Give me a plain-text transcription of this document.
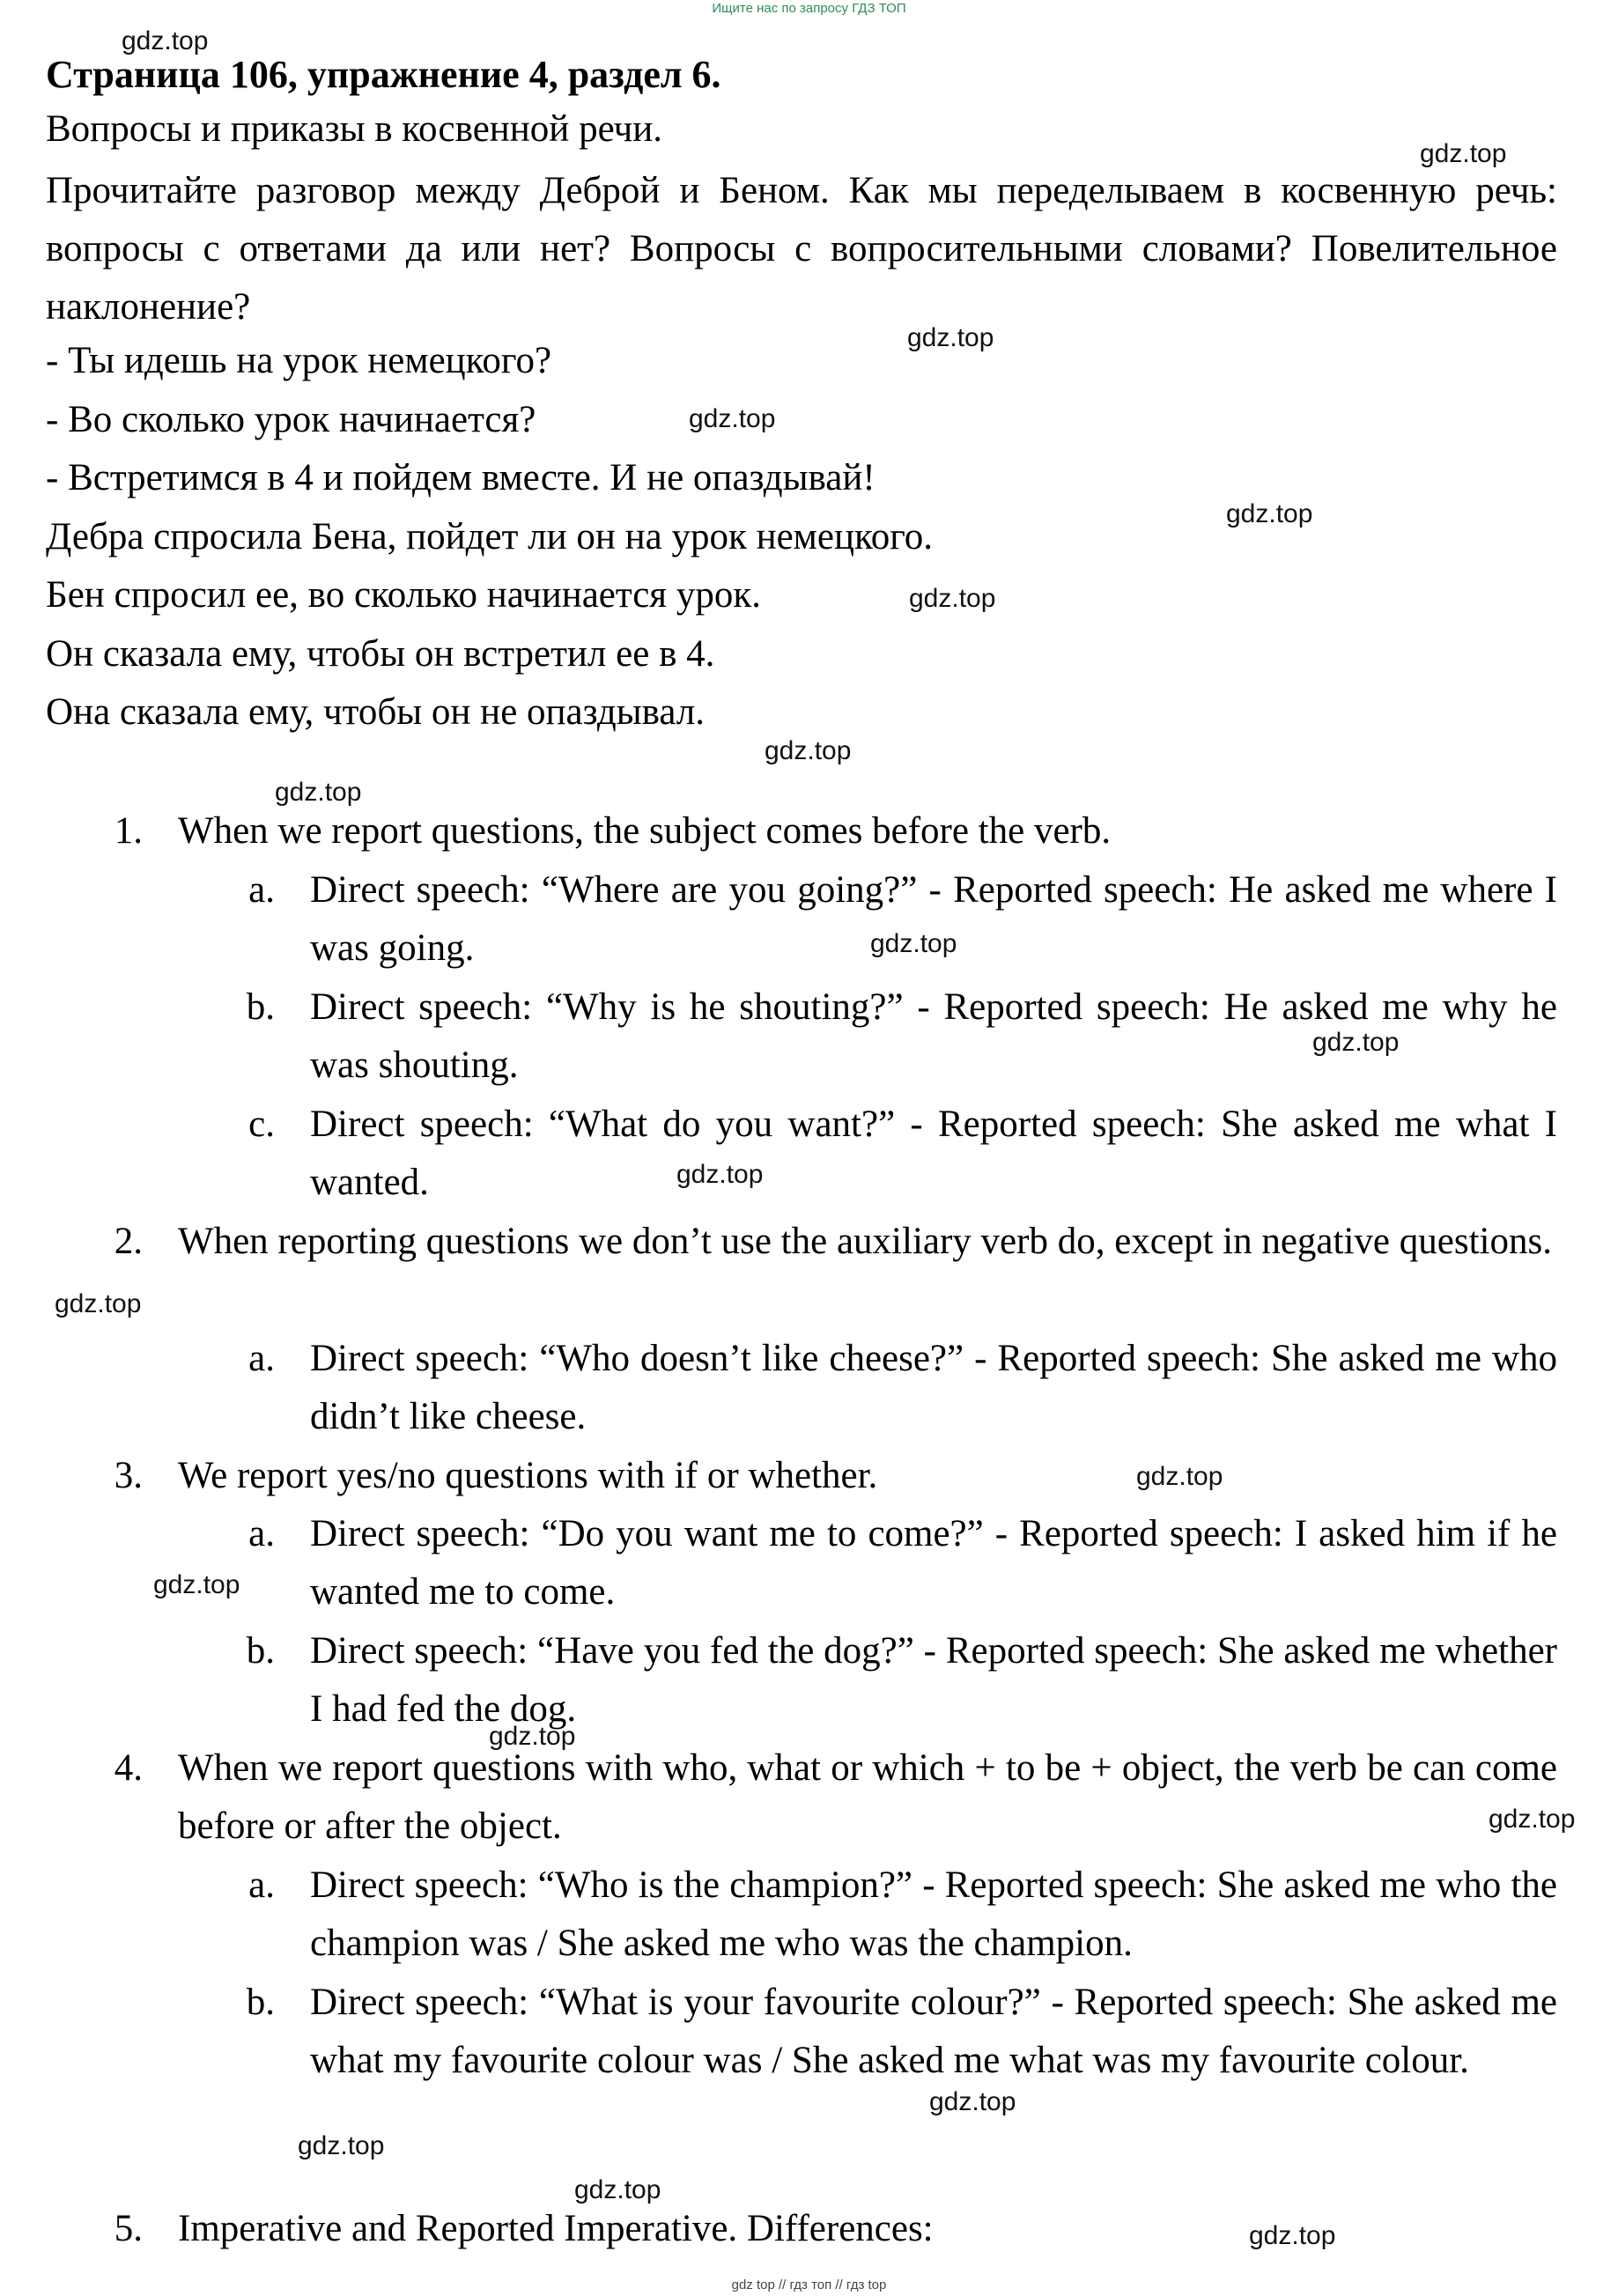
Ищите нас по запросу ГДЗ ТОП
Страница 106, упражнение 4, раздел 6.
Вопросы и приказы в косвенной речи.
Прочитайте разговор между Деброй и Беном. Как мы переделываем в косвенную речь: вопросы с ответами да или нет? Вопросы с вопросительными словами? Повелительное наклонение?
- Ты идешь на урок немецкого?
- Во сколько урок начинается?
- Встретимся в 4 и пойдем вместе. И не опаздывай!
Дебра спросила Бена, пойдет ли он на урок немецкого.
Бен спросил ее, во сколько начинается урок.
Он сказала ему, чтобы он встретил ее в 4.
Она сказала ему, чтобы он не опаздывал.
1. When we report questions, the subject comes before the verb.
a. Direct speech: “Where are you going?” - Reported speech: He asked me where I was going.
b. Direct speech: “Why is he shouting?” - Reported speech: He asked me why he was shouting.
c. Direct speech: “What do you want?” - Reported speech: She asked me what I wanted.
2. When reporting questions we don’t use the auxiliary verb do, except in negative questions.
a. Direct speech: “Who doesn’t like cheese?” - Reported speech: She asked me who didn’t like cheese.
3. We report yes/no questions with if or whether.
a. Direct speech: “Do you want me to come?” - Reported speech: I asked him if he wanted me to come.
b. Direct speech: “Have you fed the dog?” - Reported speech: She asked me whether I had fed the dog.
4. When we report questions with who, what or which + to be + object, the verb be can come before or after the object.
a. Direct speech: “Who is the champion?” - Reported speech: She asked me who the champion was / She asked me who was the champion.
b. Direct speech: “What is your favourite colour?” - Reported speech: She asked me what my favourite colour was / She asked me what was my favourite colour.
5. Imperative and Reported Imperative. Differences:
gdz.top
gdz.top
gdz.top
gdz.top
gdz.top
gdz.top
gdz.top
gdz.top
gdz.top
gdz.top
gdz.top
gdz.top
gdz.top
gdz.top
gdz.top
gdz.top
gdz.top
gdz.top
gdz.top
gdz.top
gdz top // гдз топ // гдз top
